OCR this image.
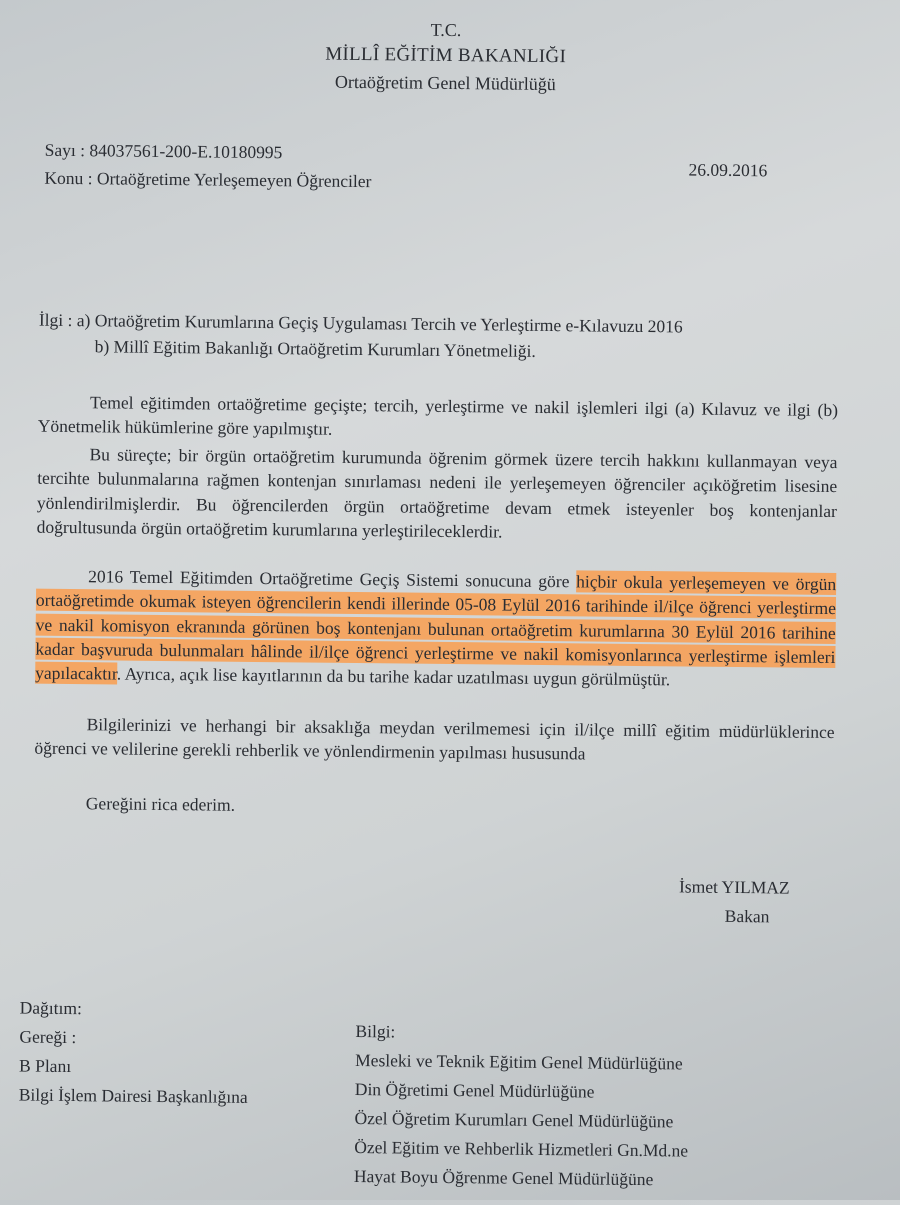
T.C.
MİLLÎ EĞİTİM BAKANLIĞI
Ortaöğretim Genel Müdürlüğü
Sayı : 84037561-200-E.10180995
Konu : Ortaöğretime Yerleşemeyen Öğrenciler	26.09.2016
İlgi : a) Ortaöğretim Kurumlarına Geçiş Uygulaması Tercih ve Yerleştirme e-Kılavuzu 2016
b) Millî Eğitim Bakanlığı Ortaöğretim Kurumları Yönetmeliği.

Temel eğitimden ortaöğretime geçişte; tercih, yerleştirme ve nakil işlemleri ilgi (a) Kılavuz ve ilgi (b) Yönetmelik hükümlerine göre yapılmıştır.

Bu süreçte; bir örgün ortaöğretim kurumunda öğrenim görmek üzere tercih hakkını kullanmayan veya tercihte bulunmalarına rağmen kontenjan sınırlaması nedeni ile yerleşemeyen öğrenciler açıköğretim lisesine yönlendirilmişlerdir. Bu öğrencilerden örgün ortaöğretime devam etmek isteyenler boş kontenjanlar doğrultusunda örgün ortaöğretim kurumlarına yerleştirileceklerdir.

2016 Temel Eğitimden Ortaöğretime Geçiş Sistemi sonucuna göre hiçbir okula yerleşemeyen ve örgün ortaöğretimde okumak isteyen öğrencilerin kendi illerinde 05-08 Eylül 2016 tarihinde il/ilçe öğrenci yerleştirme ve nakil komisyon ekranında görünen boş kontenjanı bulunan ortaöğretim kurumlarına 30 Eylül 2016 tarihine kadar başvuruda bulunmaları hâlinde il/ilçe öğrenci yerleştirme ve nakil komisyonlarınca yerleştirme işlemleri yapılacaktır. Ayrıca, açık lise kayıtlarının da bu tarihe kadar uzatılması uygun görülmüştür.

Bilgilerinizi ve herhangi bir aksaklığa meydan verilmemesi için il/ilçe millî eğitim müdürlüklerince öğrenci ve velilerine gerekli rehberlik ve yönlendirmenin yapılması hususunda

Gereğini rica ederim.

İsmet YILMAZ
Bakan
Dağıtım:
Gereği :
B Planı
Bilgi İşlem Dairesi Başkanlığına
Bilgi:
Mesleki ve Teknik Eğitim Genel Müdürlüğüne
Din Öğretimi Genel Müdürlüğüne
Özel Öğretim Kurumları Genel Müdürlüğüne
Özel Eğitim ve Rehberlik Hizmetleri Gn.Md.ne
Hayat Boyu Öğrenme Genel Müdürlüğüne
